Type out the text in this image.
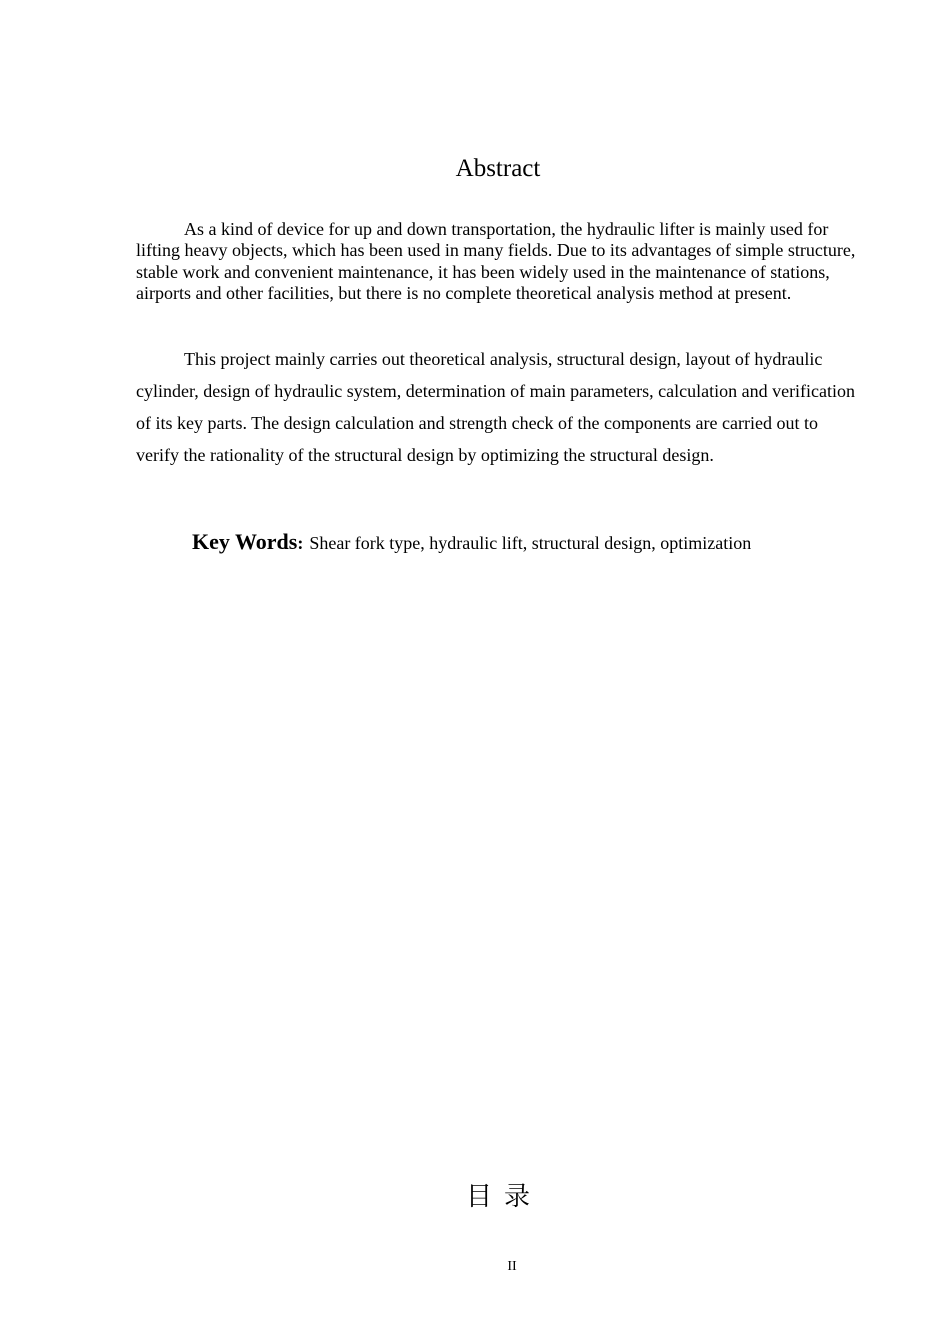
Abstract

As a kind of device for up and down transportation, the hydraulic lifter is mainly used for lifting heavy objects, which has been used in many fields. Due to its advantages of simple structure, stable work and convenient maintenance, it has been widely used in the maintenance of stations, airports and other facilities, but there is no complete theoretical analysis method at present.

This project mainly carries out theoretical analysis, structural design, layout of hydraulic cylinder, design of hydraulic system, determination of main parameters, calculation and verification of its key parts. The design calculation and strength check of the components are carried out to verify the rationality of the structural design by optimizing the structural design.

Key Words: Shear fork type, hydraulic lift, structural design, optimization
目录
II
